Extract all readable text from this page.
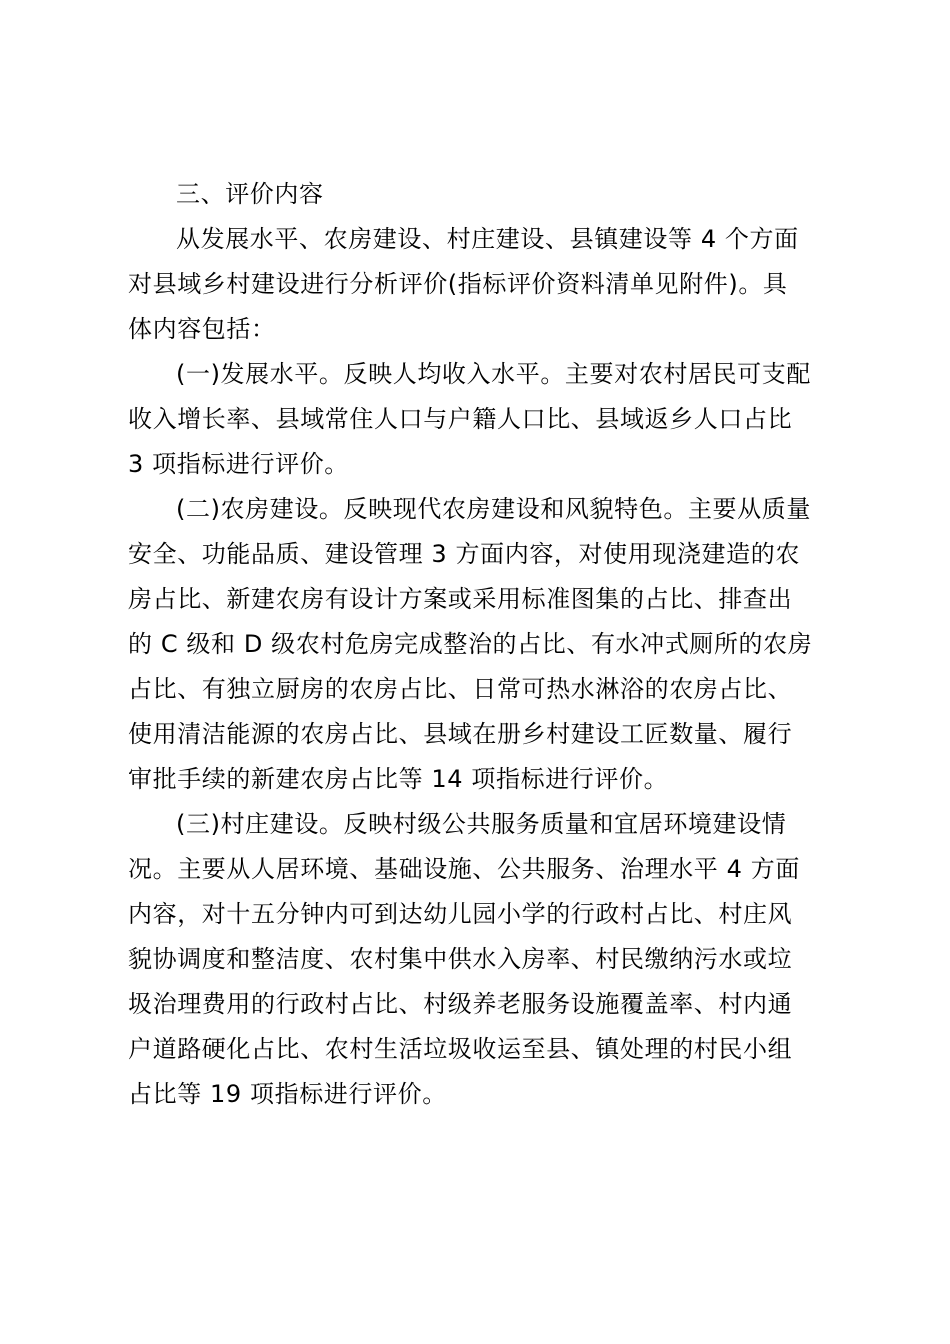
三、评价内容
从发展水平、农房建设、村庄建设、县镇建设等 4 个方面
对县域乡村建设进行分析评价(指标评价资料清单见附件)。具
体内容包括：
(一)发展水平。反映人均收入水平。主要对农村居民可支配
收入增长率、县域常住人口与户籍人口比、县域返乡人口占比
3 项指标进行评价。
(二)农房建设。反映现代农房建设和风貌特色。主要从质量
安全、功能品质、建设管理 3 方面内容，对使用现浇建造的农
房占比、新建农房有设计方案或采用标准图集的占比、排查出
的 C 级和 D 级农村危房完成整治的占比、有水冲式厕所的农房
占比、有独立厨房的农房占比、日常可热水淋浴的农房占比、
使用清洁能源的农房占比、县域在册乡村建设工匠数量、履行
审批手续的新建农房占比等 14 项指标进行评价。
(三)村庄建设。反映村级公共服务质量和宜居环境建设情
况。主要从人居环境、基础设施、公共服务、治理水平 4 方面
内容，对十五分钟内可到达幼儿园小学的行政村占比、村庄风
貌协调度和整洁度、农村集中供水入房率、村民缴纳污水或垃
圾治理费用的行政村占比、村级养老服务设施覆盖率、村内通
户道路硬化占比、农村生活垃圾收运至县、镇处理的村民小组
占比等 19 项指标进行评价。
